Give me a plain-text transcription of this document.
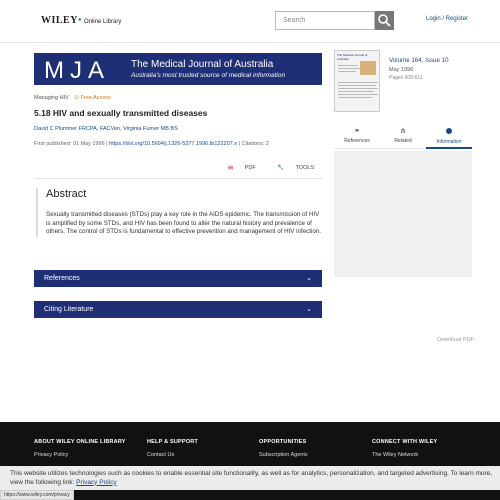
WILEY• Online Library	Search	Login / Register
MJA The Medical Journal of Australia
Australia's most trusted source of medical information
Managing HIV ⊙ Free Access
5.18 HIV and sexually transmitted diseases
David C Plummer FRCPA, FACVen, Virginia Furner MB BS
First published: 01 May 1996 | https://doi.org/10.5694/j.1326-5377.1996.tb122207.x | Citations: 2
▤ PDF	🔧 TOOLS
Abstract

Sexually transmitted diseases (STDs) play a key role in the AIDS epidemic. The transmission of HIV is amplified by some STDs, and HIV has been found to alter the natural history and prevalence of others. The control of STDs is fundamental to effective prevention and management of HIV infection.

References	⌄
Citing Literature	⌄
Download PDF
The Medical Journal of Australia	Volume 164, Issue 10
May 1996
Pages 608-611
⚭
References
⋔
Related	Information
ABOUT WILEY ONLINE LIBRARY
Privacy Policy
HELP & SUPPORT
Contact Us
OPPORTUNITIES
Subscription Agents
CONNECT WITH WILEY
The Wiley Network
This website utilizes technologies such as cookies to enable essential site functionality, as well as for analytics, personalization, and targeted advertising. To learn more, view the following link: Privacy Policy
https://www.wiley.com/privacy
